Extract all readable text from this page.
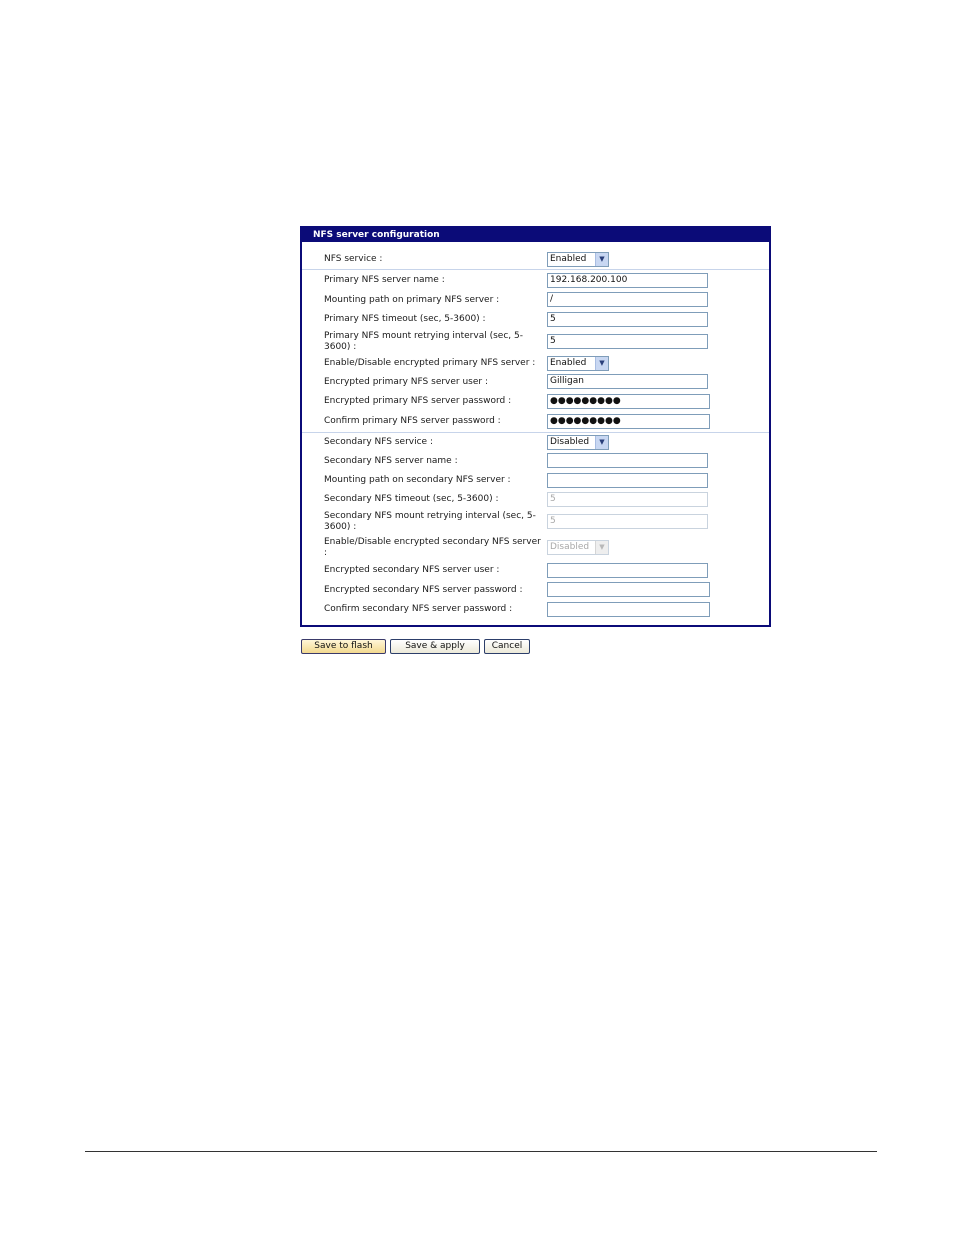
NFS server configuration
NFS service :	Enabled	▼
Primary NFS server name :	192.168.200.100
Mounting path on primary NFS server :	/
Primary NFS timeout (sec, 5-3600) :	5
Primary NFS mount retrying interval (sec, 5-3600) :
5
Enable/Disable encrypted primary NFS server :	Enabled	▼
Encrypted primary NFS server user :	Gilligan
Encrypted primary NFS server password :	●●●●●●●●●
Confirm primary NFS server password :	●●●●●●●●●
Secondary NFS service :	Disabled	▼
Secondary NFS server name :
Mounting path on secondary NFS server :
Secondary NFS timeout (sec, 5-3600) :	5
Secondary NFS mount retrying interval (sec, 5-3600) :
5
Enable/Disable encrypted secondary NFS server :
Disabled	▼
Encrypted secondary NFS server user :
Encrypted secondary NFS server password :
Confirm secondary NFS server password :
Save to flash	Save & apply	Cancel
